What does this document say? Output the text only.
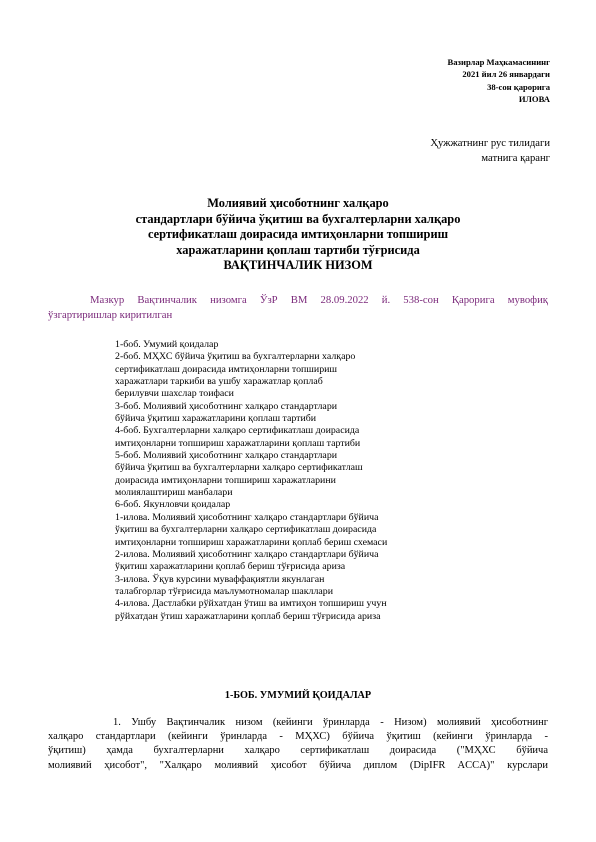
Вазирлар Маҳкамасининг
2021 йил 26 январдаги
38-сон қарорига
ИЛОВА
Ҳужжатнинг рус тилидаги
матнига қаранг
Молиявий ҳисоботнинг халқаро
стандартлари бўйича ўқитиш ва бухгалтерларни халқаро
сертификатлаш доирасида имтиҳонларни топшириш
харажатларини қоплаш тартиби тўғрисида
ВАҚТИНЧАЛИК НИЗОМ
Мазкур Вақтинчалик низомга ЎзР ВМ 28.09.2022 й. 538-сон Қарорига мувофиқ
ўзгартиришлар киритилган
1-боб. Умумий қоидалар
2-боб. МҲХС бўйича ўқитиш ва бухгалтерларни халқаро
сертификатлаш доирасида имтиҳонларни топшириш
харажатлари таркиби ва ушбу харажатлар қоплаб
берилувчи шахслар тоифаси
3-боб. Молиявий ҳисоботнинг халқаро стандартлари
бўйича ўқитиш харажатларини қоплаш тартиби
4-боб. Бухгалтерларни халқаро сертификатлаш доирасида
имтиҳонларни топшириш харажатларини қоплаш тартиби
5-боб. Молиявий ҳисоботнинг халқаро стандартлари
бўйича ўқитиш ва бухгалтерларни халқаро сертификатлаш
доирасида имтиҳонларни топшириш харажатларини
молиялаштириш манбалари
6-боб. Якунловчи қоидалар
1-илова. Молиявий ҳисоботнинг халқаро стандартлари бўйича
ўқитиш ва бухгалтерларни халқаро сертификатлаш доирасида
имтиҳонларни топшириш харажатларини қоплаб бериш схемаси
2-илова. Молиявий ҳисоботнинг халқаро стандартлари бўйича
ўқитиш харажатларини қоплаб бериш тўғрисида ариза
3-илова. Ўқув курсини муваффақиятли якунлаган
талабгорлар тўғрисида маълумотномалар шакллари
4-илова. Дастлабки рўйхатдан ўтиш ва имтиҳон топшириш учун
рўйхатдан ўтиш харажатларини қоплаб бериш тўғрисида ариза
1-БОБ. УМУМИЙ ҚОИДАЛАР
1. Ушбу Вақтинчалик низом (кейинги ўринларда - Низом) молиявий ҳисоботнинг
халқаро стандартлари (кейинги ўринларда - МҲХС) бўйича ўқитиш (кейинги ўринларда -
ўқитиш) ҳамда бухгалтерларни халқаро сертификатлаш доирасида ("МҲХС бўйича
молиявий ҳисобот", "Халқаро молиявий ҳисобот бўйича диплом (DipIFR ACCA)" курслари
